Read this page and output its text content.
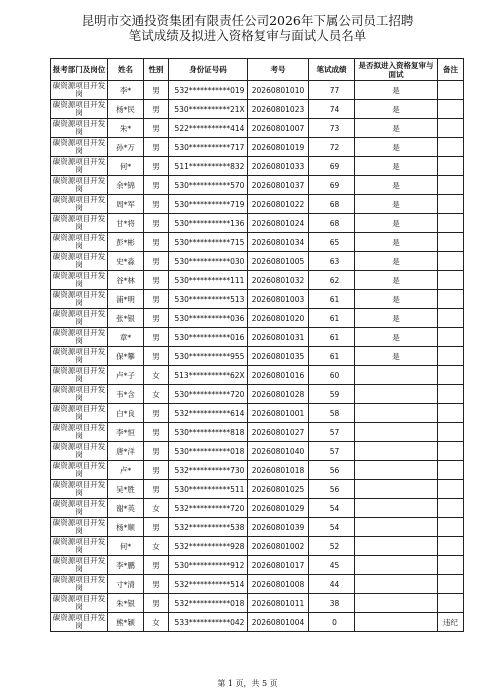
昆明市交通投资集团有限责任公司2026年下属公司员工招聘
笔试成绩及拟进入资格复审与面试人员名单
报考部门及岗位	姓名	性别	身份证号码	考号	笔试成绩	是否拟进入资格复审与面试	备注
碳资源项目开发岗	李*	男	532***********019	20260801010	77	是	
碳资源项目开发岗	杨*民	男	530***********21X	20260801023	74	是	
碳资源项目开发岗	朱*	男	522***********414	20260801007	73	是	
碳资源项目开发岗	孙*万	男	530***********717	20260801019	72	是	
碳资源项目开发岗	何*	男	511***********832	20260801033	69	是	
碳资源项目开发岗	余*锦	男	530***********570	20260801037	69	是	
碳资源项目开发岗	周*军	男	530***********719	20260801022	68	是	
碳资源项目开发岗	甘*将	男	530***********136	20260801024	68	是	
碳资源项目开发岗	彭*彬	男	530***********715	20260801034	65	是	
碳资源项目开发岗	史*淼	男	530***********030	20260801005	63	是	
碳资源项目开发岗	谷*林	男	530***********111	20260801032	62	是	
碳资源项目开发岗	浦*明	男	530***********513	20260801003	61	是	
碳资源项目开发岗	张*银	男	530***********036	20260801020	61	是	
碳资源项目开发岗	章*	男	530***********016	20260801031	61	是	
碳资源项目开发岗	保*攀	男	530***********955	20260801035	61	是	
碳资源项目开发岗	卢*子	女	513***********62X	20260801016	60		
碳资源项目开发岗	韦*含	女	530***********720	20260801028	59		
碳资源项目开发岗	白*良	男	532***********614	20260801001	58		
碳资源项目开发岗	李*恒	男	530***********818	20260801027	57		
碳资源项目开发岗	唐*洋	男	530***********018	20260801040	57		
碳资源项目开发岗	卢*	男	532***********730	20260801018	56		
碳资源项目开发岗	吴*胜	男	530***********511	20260801025	56		
碳资源项目开发岗	谢*英	女	532***********720	20260801029	54		
碳资源项目开发岗	杨*顺	男	532***********538	20260801039	54		
碳资源项目开发岗	何*	女	532***********928	20260801002	52		
碳资源项目开发岗	李*鹏	男	530***********912	20260801017	45		
碳资源项目开发岗	寸*清	男	532***********514	20260801008	44		
碳资源项目开发岗	朱*银	男	532***********018	20260801011	38		
碳资源项目开发岗	熊*颖	女	533***********042	20260801004	0		违纪
第 1 页，共 5 页
